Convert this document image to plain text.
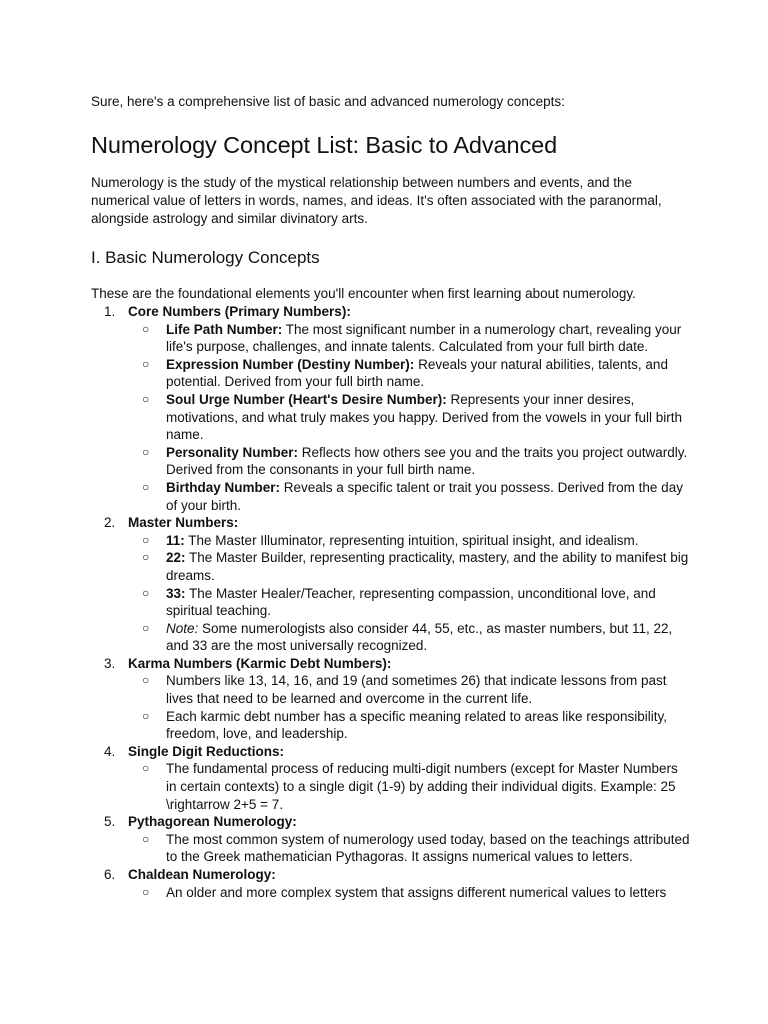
Sure, here's a comprehensive list of basic and advanced numerology concepts:

Numerology Concept List: Basic to Advanced

Numerology is the study of the mystical relationship between numbers and events, and the numerical value of letters in words, names, and ideas. It's often associated with the paranormal, alongside astrology and similar divinatory arts.

I. Basic Numerology Concepts

These are the foundational elements you'll encounter when first learning about numerology.

1. Core Numbers (Primary Numbers):
○ Life Path Number: The most significant number in a numerology chart, revealing your life's purpose, challenges, and innate talents. Calculated from your full birth date.
○ Expression Number (Destiny Number): Reveals your natural abilities, talents, and potential. Derived from your full birth name.
○ Soul Urge Number (Heart's Desire Number): Represents your inner desires, motivations, and what truly makes you happy. Derived from the vowels in your full birth name.
○ Personality Number: Reflects how others see you and the traits you project outwardly. Derived from the consonants in your full birth name.
○ Birthday Number: Reveals a specific talent or trait you possess. Derived from the day of your birth.
2. Master Numbers:
○ 11: The Master Illuminator, representing intuition, spiritual insight, and idealism.
○ 22: The Master Builder, representing practicality, mastery, and the ability to manifest big dreams.
○ 33: The Master Healer/Teacher, representing compassion, unconditional love, and spiritual teaching.
○ Note: Some numerologists also consider 44, 55, etc., as master numbers, but 11, 22, and 33 are the most universally recognized.
3. Karma Numbers (Karmic Debt Numbers):
○ Numbers like 13, 14, 16, and 19 (and sometimes 26) that indicate lessons from past lives that need to be learned and overcome in the current life.
○ Each karmic debt number has a specific meaning related to areas like responsibility, freedom, love, and leadership.
4. Single Digit Reductions:
○ The fundamental process of reducing multi-digit numbers (except for Master Numbers in certain contexts) to a single digit (1-9) by adding their individual digits. Example: 25 \rightarrow 2+5 = 7.
5. Pythagorean Numerology:
○ The most common system of numerology used today, based on the teachings attributed to the Greek mathematician Pythagoras. It assigns numerical values to letters.
6. Chaldean Numerology:
○ An older and more complex system that assigns different numerical values to letters
